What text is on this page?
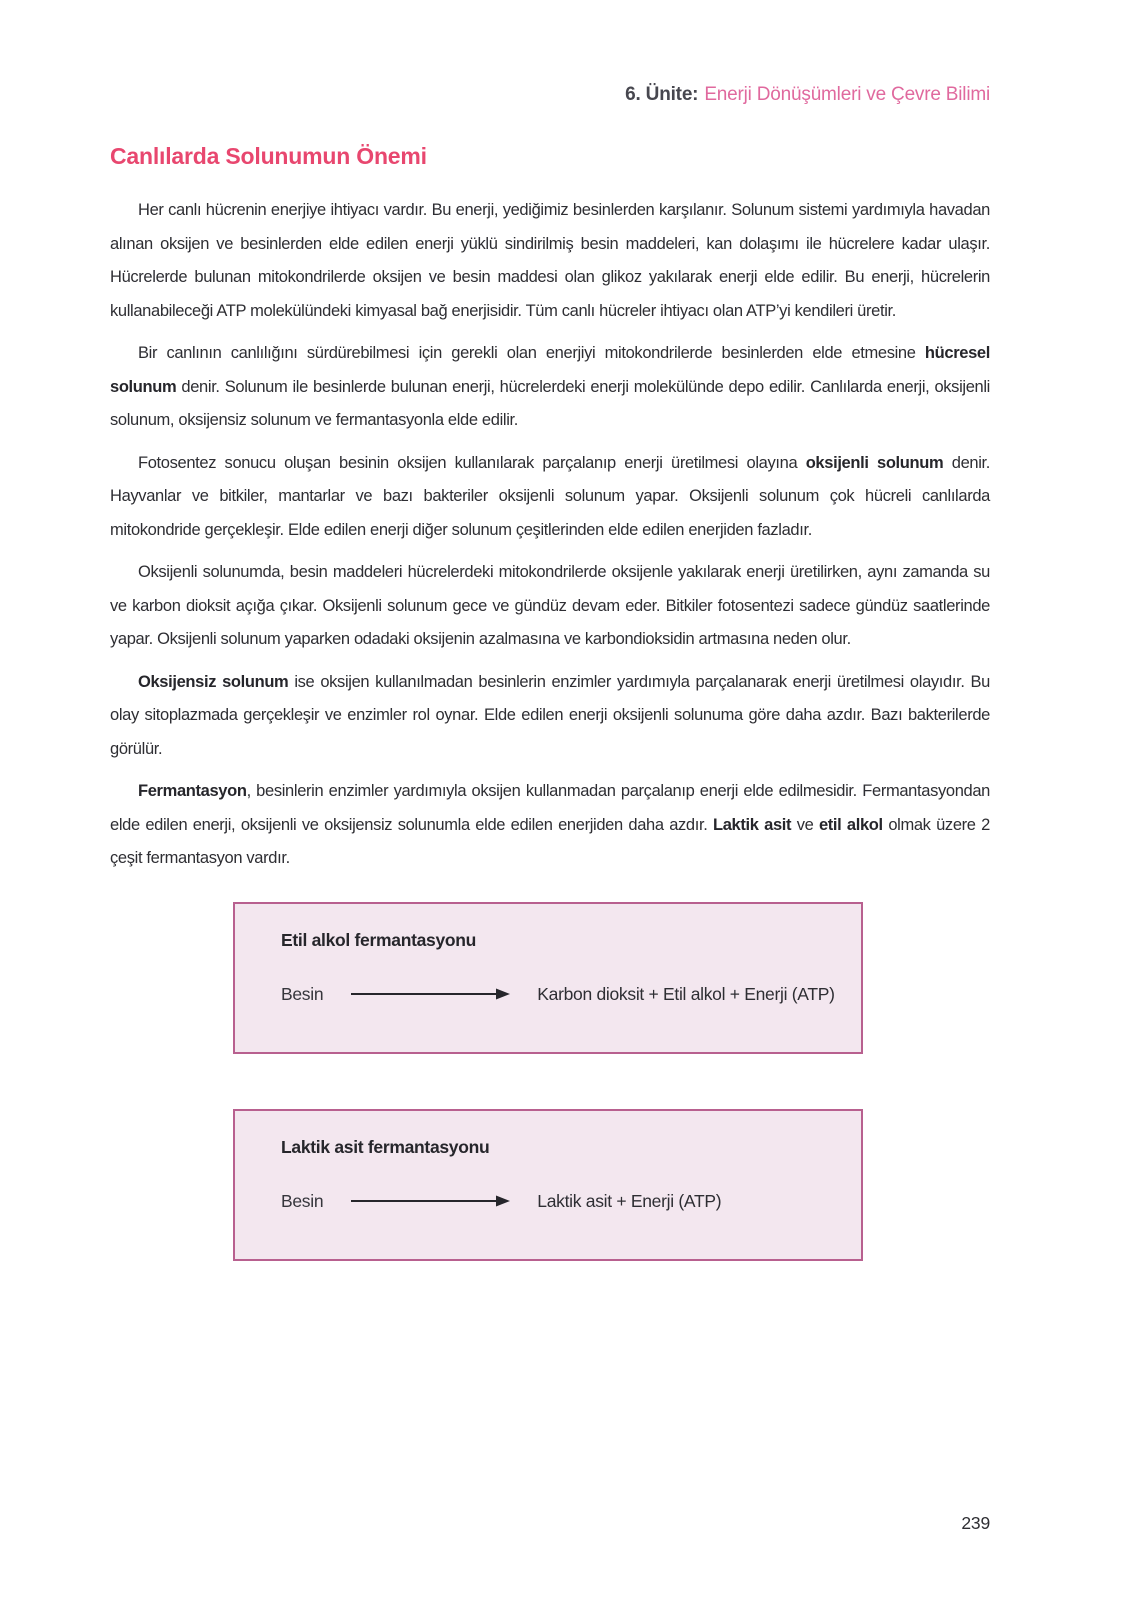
6. Ünite: Enerji Dönüşümleri ve Çevre Bilimi
Canlılarda Solunumun Önemi

Her canlı hücrenin enerjiye ihtiyacı vardır. Bu enerji, yediğimiz besinlerden karşılanır. Solunum sistemi yardımıyla havadan alınan oksijen ve besinlerden elde edilen enerji yüklü sindirilmiş besin maddeleri, kan dolaşımı ile hücrelere kadar ulaşır. Hücrelerde bulunan mitokondrilerde oksijen ve besin maddesi olan glikoz yakılarak enerji elde edilir. Bu enerji, hücrelerin kullanabileceği ATP molekülündeki kimyasal bağ enerjisidir. Tüm canlı hücreler ihtiyacı olan ATP’yi kendileri üretir.

Bir canlının canlılığını sürdürebilmesi için gerekli olan enerjiyi mitokondrilerde besinlerden elde etmesine hücresel solunum denir. Solunum ile besinlerde bulunan enerji, hücrelerdeki enerji molekülünde depo edilir. Canlılarda enerji, oksijenli solunum, oksijensiz solunum ve fermantasyonla elde edilir.

Fotosentez sonucu oluşan besinin oksijen kullanılarak parçalanıp enerji üretilmesi olayına oksijenli solunum denir. Hayvanlar ve bitkiler, mantarlar ve bazı bakteriler oksijenli solunum yapar. Oksijenli solunum çok hücreli canlılarda mitokondride gerçekleşir. Elde edilen enerji diğer solunum çeşitlerinden elde edilen enerjiden fazladır.

Oksijenli solunumda, besin maddeleri hücrelerdeki mitokondrilerde oksijenle yakılarak enerji üretilirken, aynı zamanda su ve karbon dioksit açığa çıkar. Oksijenli solunum gece ve gündüz devam eder. Bitkiler fotosentezi sadece gündüz saatlerinde yapar. Oksijenli solunum yaparken odadaki oksijenin azalmasına ve karbondioksidin artmasına neden olur.

Oksijensiz solunum ise oksijen kullanılmadan besinlerin enzimler yardımıyla parçalanarak enerji üretilmesi olayıdır. Bu olay sitoplazmada gerçekleşir ve enzimler rol oynar. Elde edilen enerji oksijenli solunuma göre daha azdır. Bazı bakterilerde görülür.

Fermantasyon, besinlerin enzimler yardımıyla oksijen kullanmadan parçalanıp enerji elde edilmesidir. Fermantasyondan elde edilen enerji, oksijenli ve oksijensiz solunumla elde edilen enerjiden daha azdır. Laktik asit ve etil alkol olmak üzere 2 çeşit fermantasyon vardır.

Etil alkol fermantasyonu
Besin	Karbon dioksit + Etil alkol + Enerji (ATP)
Laktik asit fermantasyonu
Besin	Laktik asit + Enerji (ATP)
239
